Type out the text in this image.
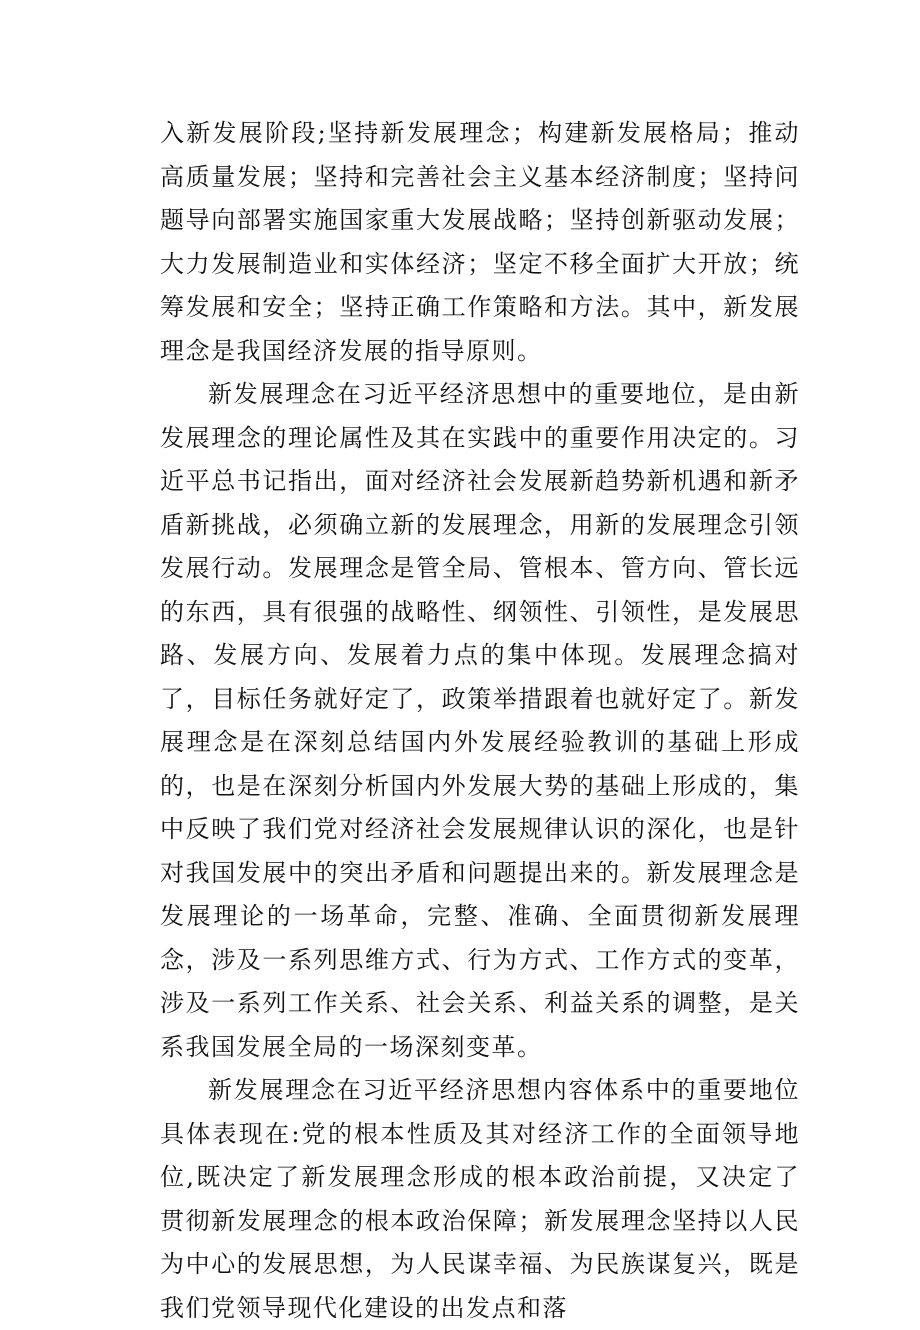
入新发展阶段;坚持新发展理念；构建新发展格局；推动高质量发展；坚持和完善社会主义基本经济制度；坚持问题导向部署实施国家重大发展战略；坚持创新驱动发展；大力发展制造业和实体经济；坚定不移全面扩大开放；统筹发展和安全；坚持正确工作策略和方法。其中，新发展理念是我国经济发展的指导原则。

新发展理念在习近平经济思想中的重要地位，是由新发展理念的理论属性及其在实践中的重要作用决定的。习近平总书记指出，面对经济社会发展新趋势新机遇和新矛盾新挑战，必须确立新的发展理念，用新的发展理念引领发展行动。发展理念是管全局、管根本、管方向、管长远的东西，具有很强的战略性、纲领性、引领性，是发展思路、发展方向、发展着力点的集中体现。发展理念搞对了，目标任务就好定了，政策举措跟着也就好定了。新发展理念是在深刻总结国内外发展经验教训的基础上形成的，也是在深刻分析国内外发展大势的基础上形成的，集中反映了我们党对经济社会发展规律认识的深化，也是针对我国发展中的突出矛盾和问题提出来的。新发展理念是发展理论的一场革命，完整、准确、全面贯彻新发展理念，涉及一系列思维方式、行为方式、工作方式的变革，涉及一系列工作关系、社会关系、利益关系的调整，是关系我国发展全局的一场深刻变革。

新发展理念在习近平经济思想内容体系中的重要地位具体表现在:党的根本性质及其对经济工作的全面领导地位,既决定了新发展理念形成的根本政治前提，又决定了贯彻新发展理念的根本政治保障；新发展理念坚持以人民为中心的发展思想，为人民谋幸福、为民族谋复兴，既是我们党领导现代化建设的出发点和落
